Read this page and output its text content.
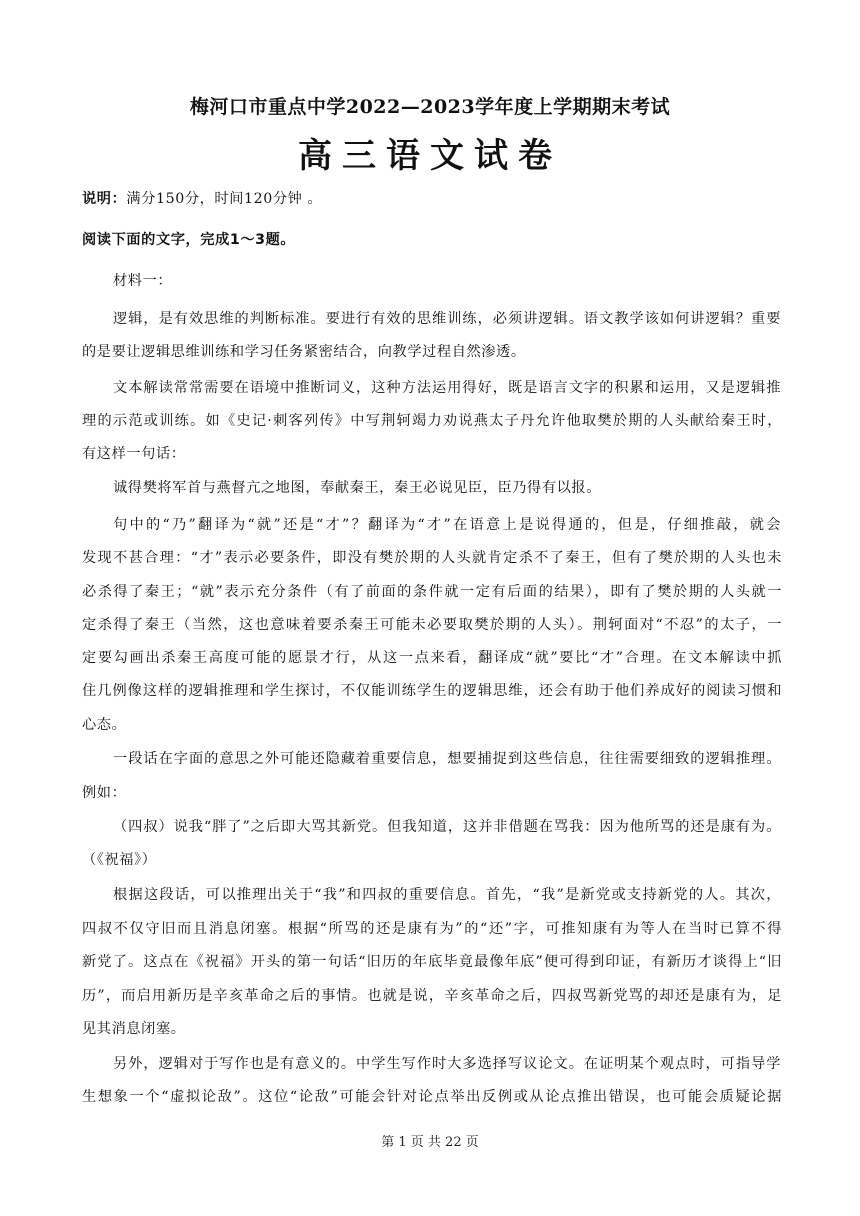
梅河口市重点中学2022—2023学年度上学期期末考试
高三语文试卷
说明：满分150分，时间120分钟 。
阅读下面的文字，完成1～3题。
材料一：
逻辑，是有效思维的判断标准。要进行有效的思维训练，必须讲逻辑。语文教学该如何讲逻辑？重要
的是要让逻辑思维训练和学习任务紧密结合，向教学过程自然渗透。
文本解读常常需要在语境中推断词义，这种方法运用得好，既是语言文字的积累和运用，又是逻辑推
理的示范或训练。如《史记·刺客列传》中写荆轲竭力劝说燕太子丹允许他取樊於期的人头献给秦王时，
有这样一句话：
诚得樊将军首与燕督亢之地图，奉献秦王，秦王必说见臣，臣乃得有以报。
句中的“乃”翻译为“就”还是“才”？翻译为“才”在语意上是说得通的，但是，仔细推敲，就会
发现不甚合理：“才”表示必要条件，即没有樊於期的人头就肯定杀不了秦王，但有了樊於期的人头也未
必杀得了秦王；“就”表示充分条件（有了前面的条件就一定有后面的结果），即有了樊於期的人头就一
定杀得了秦王（当然，这也意味着要杀秦王可能未必要取樊於期的人头）。荆轲面对“不忍”的太子，一
定要勾画出杀秦王高度可能的愿景才行，从这一点来看，翻译成“就”要比“才”合理。在文本解读中抓
住几例像这样的逻辑推理和学生探讨，不仅能训练学生的逻辑思维，还会有助于他们养成好的阅读习惯和
心态。
一段话在字面的意思之外可能还隐藏着重要信息，想要捕捉到这些信息，往往需要细致的逻辑推理。
例如：
（四叔）说我“胖了”之后即大骂其新党。但我知道，这并非借题在骂我：因为他所骂的还是康有为。
（《祝福》）
根据这段话，可以推理出关于“我”和四叔的重要信息。首先，“我”是新党或支持新党的人。其次，
四叔不仅守旧而且消息闭塞。根据“所骂的还是康有为”的“还”字，可推知康有为等人在当时已算不得
新党了。这点在《祝福》开头的第一句话“旧历的年底毕竟最像年底”便可得到印证，有新历才谈得上“旧
历”，而启用新历是辛亥革命之后的事情。也就是说，辛亥革命之后，四叔骂新党骂的却还是康有为，足
见其消息闭塞。
另外，逻辑对于写作也是有意义的。中学生写作时大多选择写议论文。在证明某个观点时，可指导学
生想象一个“虚拟论敌”。这位“论敌”可能会针对论点举出反例或从论点推出错误，也可能会质疑论据
第 1 页 共 22 页
